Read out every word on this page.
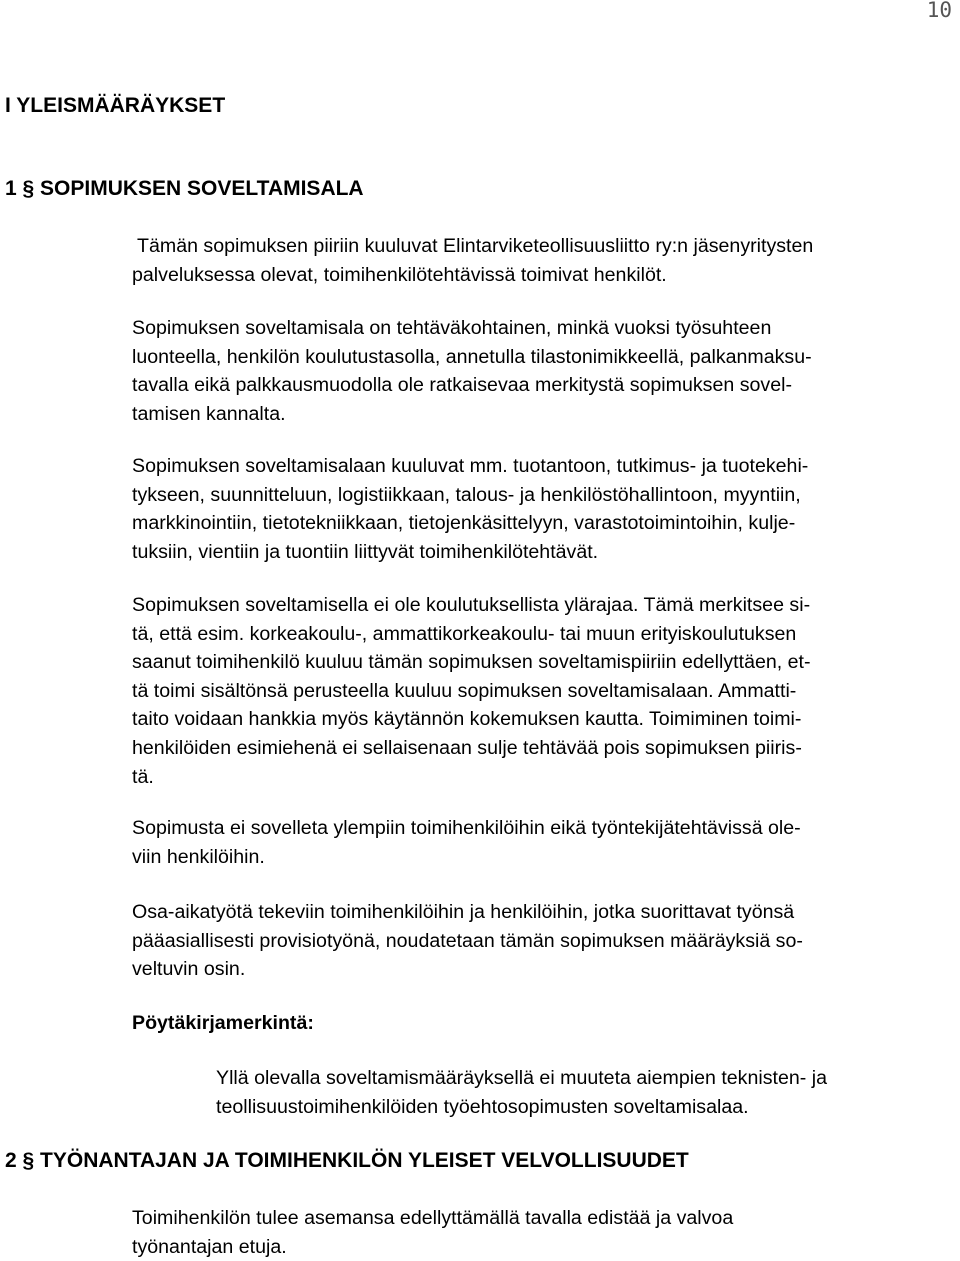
10
I YLEISMÄÄRÄYKSET
1 § SOPIMUKSEN SOVELTAMISALA

Tämän sopimuksen piiriin kuuluvat Elintarviketeollisuusliitto ry:n jäsenyritysten
palveluksessa olevat, toimihenkilötehtävissä toimivat henkilöt.

Sopimuksen soveltamisala on tehtäväkohtainen, minkä vuoksi työsuhteen
luonteella, henkilön koulutustasolla, annetulla tilastonimikkeellä, palkanmaksu-
tavalla eikä palkkausmuodolla ole ratkaisevaa merkitystä sopimuksen sovel-
tamisen kannalta.

Sopimuksen soveltamisalaan kuuluvat mm. tuotantoon, tutkimus- ja tuotekehi-
tykseen, suunnitteluun, logistiikkaan, talous- ja henkilöstöhallintoon, myyntiin,
markkinointiin, tietotekniikkaan, tietojenkäsittelyyn, varastotoimintoihin, kulje-
tuksiin, vientiin ja tuontiin liittyvät toimihenkilötehtävät.

Sopimuksen soveltamisella ei ole koulutuksellista ylärajaa. Tämä merkitsee si-
tä, että esim. korkeakoulu-, ammattikorkeakoulu- tai muun erityiskoulutuksen
saanut toimihenkilö kuuluu tämän sopimuksen soveltamispiiriin edellyttäen, et-
tä toimi sisältönsä perusteella kuuluu sopimuksen soveltamisalaan. Ammatti-
taito voidaan hankkia myös käytännön kokemuksen kautta. Toimiminen toimi-
henkilöiden esimiehenä ei sellaisenaan sulje tehtävää pois sopimuksen piiris-
tä.

Sopimusta ei sovelleta ylempiin toimihenkilöihin eikä työntekijätehtävissä ole-
viin henkilöihin.

Osa-aikatyötä tekeviin toimihenkilöihin ja henkilöihin, jotka suorittavat työnsä
pääasiallisesti provisiotyönä, noudatetaan tämän sopimuksen määräyksiä so-
veltuvin osin.

Pöytäkirjamerkintä:

Yllä olevalla soveltamismääräyksellä ei muuteta aiempien teknisten- ja
teollisuustoimihenkilöiden työehtosopimusten soveltamisalaa.

2 § TYÖNANTAJAN JA TOIMIHENKILÖN YLEISET VELVOLLISUUDET

Toimihenkilön tulee asemansa edellyttämällä tavalla edistää ja valvoa
työnantajan etuja.
